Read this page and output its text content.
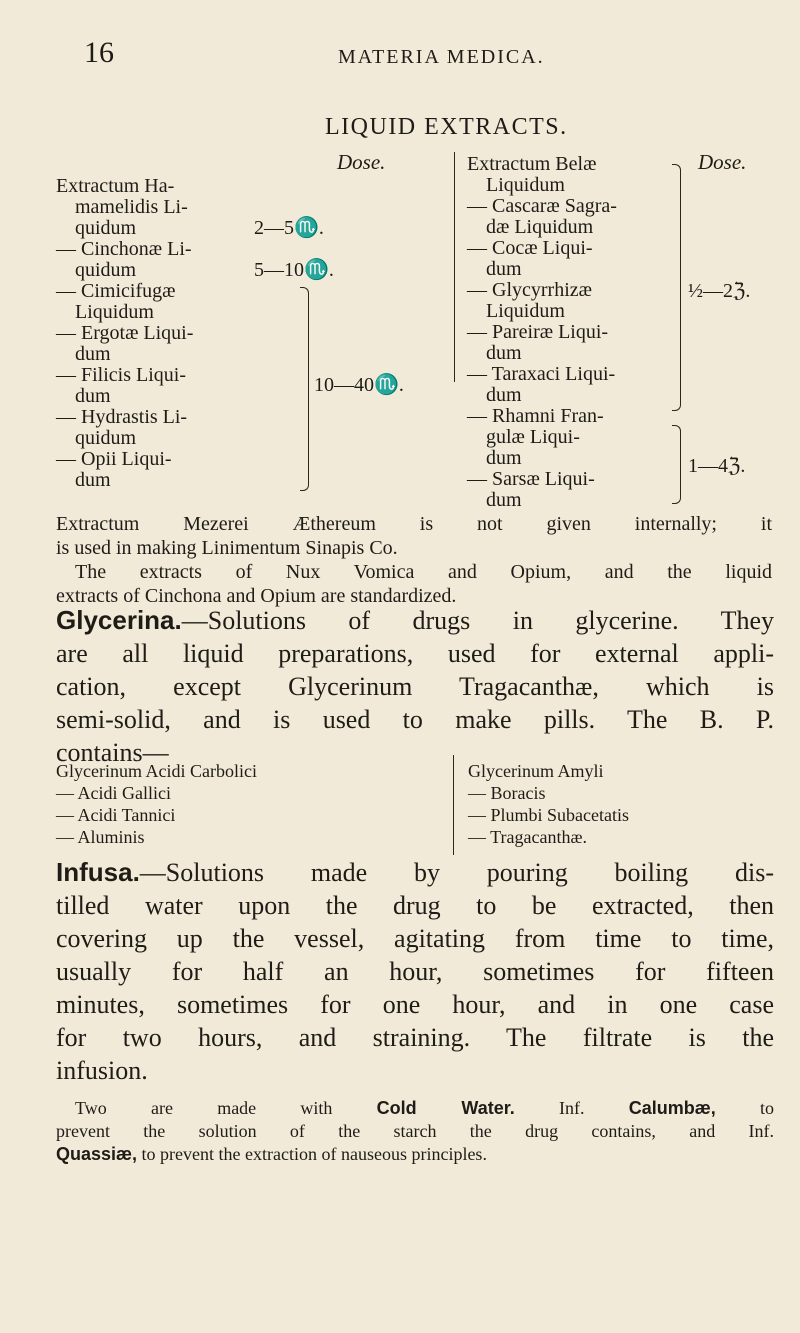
16	MATERIA MEDICA.
LIQUID EXTRACTS.
Dose.
Extractum Ha-
mamelidis Li-
quidum
— Cinchonæ Li-
quidum
— Cimicifugæ
Liquidum
— Ergotæ Liqui-
dum
— Filicis Liqui-
dum
— Hydrastis Li-
quidum
— Opii Liqui-
dum
2—5♏.
5—10♏.
10—40♏.
Dose.
Extractum Belæ
Liquidum
— Cascaræ Sagra-
dæ Liquidum
— Cocæ Liqui-
dum
— Glycyrrhizæ
Liquidum
— Pareiræ Liqui-
dum
— Taraxaci Liqui-
dum
— Rhamni Fran-
gulæ Liqui-
dum
— Sarsæ Liqui-
dum
½—2ℨ.
1—4ℨ.
Extractum Mezerei Æthereum is not given internally; it
is used in making Linimentum Sinapis Co.
The extracts of Nux Vomica and Opium, and the liquid
extracts of Cinchona and Opium are standardized.
Glycerina.—Solutions of drugs in glycerine. They
are all liquid preparations, used for external appli-
cation, except Glycerinum Tragacanthæ, which is
semi-solid, and is used to make pills. The B. P.
contains—
Glycerinum Acidi Carbolici
— Acidi Gallici
— Acidi Tannici
— Aluminis
Glycerinum Amyli
— Boracis
— Plumbi Subacetatis
— Tragacanthæ.
Infusa.—Solutions made by pouring boiling dis-
tilled water upon the drug to be extracted, then
covering up the vessel, agitating from time to time,
usually for half an hour, sometimes for fifteen
minutes, sometimes for one hour, and in one case
for two hours, and straining. The filtrate is the
infusion.
Two are made with Cold Water. Inf. Calumbæ, to
prevent the solution of the starch the drug contains, and Inf.
Quassiæ, to prevent the extraction of nauseous principles.
